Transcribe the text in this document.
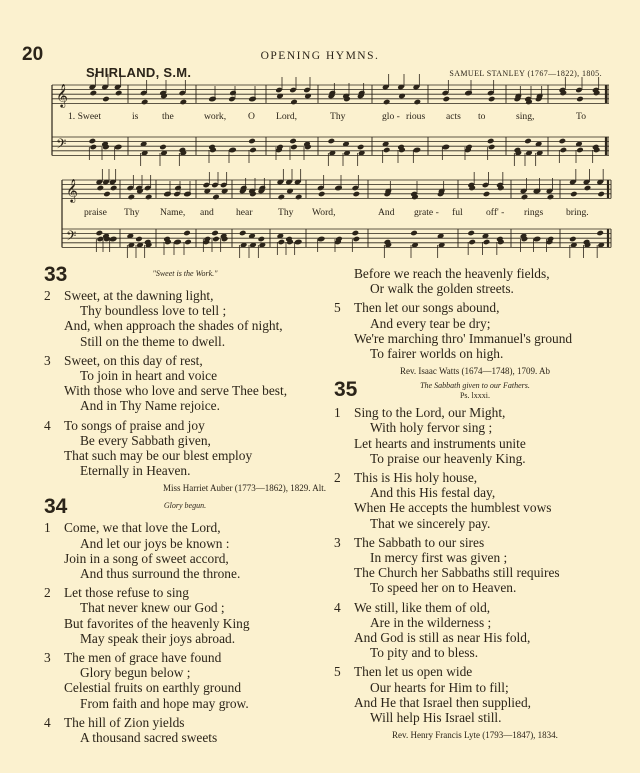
20	OPENING HYMNS.
SHIRLAND, S.M.	SAMUEL STANLEY (1767—1822), 1805.
𝄞
𝄢
𝄞
𝄢
1. Sweet	is the	work, O Lord,	Thy	glo - rious acts to	sing,	To
praise Thy Name, and hear	Thy Word,	And grate - ful off' - rings bring.
33	"Sweet is the Work."
2 Sweet, at the dawning light,
Thy boundless love to tell ;
And, when approach the shades of night,
Still on the theme to dwell.
3 Sweet, on this day of rest,
To join in heart and voice
With those who love and serve Thee best,
And in Thy Name rejoice.
4 To songs of praise and joy
Be every Sabbath given,
That such may be our blest employ
Eternally in Heaven.
Miss Harriet Auber (1773—1862), 1829. Alt.
34	Glory begun.
1 Come, we that love the Lord,
And let our joys be known :
Join in a song of sweet accord,
And thus surround the throne.
2 Let those refuse to sing
That never knew our God ;
But favorites of the heavenly King
May speak their joys abroad.
3 The men of grace have found
Glory begun below ;
Celestial fruits on earthly ground
From faith and hope may grow.
4 The hill of Zion yields
A thousand sacred sweets
Before we reach the heavenly fields,
Or walk the golden streets.
5 Then let our songs abound,
And every tear be dry;
We're marching thro' Immanuel's ground
To fairer worlds on high.
Rev. Isaac Watts (1674—1748), 1709. Ab
35	The Sabbath given to our Fathers.
Ps. lxxxi.
1 Sing to the Lord, our Might,
With holy fervor sing ;
Let hearts and instruments unite
To praise our heavenly King.
2 This is His holy house,
And this His festal day,
When He accepts the humblest vows
That we sincerely pay.
3 The Sabbath to our sires
In mercy first was given ;
The Church her Sabbaths still requires
To speed her on to Heaven.
4 We still, like them of old,
Are in the wilderness ;
And God is still as near His fold,
To pity and to bless.
5 Then let us open wide
Our hearts for Him to fill;
And He that Israel then supplied,
Will help His Israel still.
Rev. Henry Francis Lyte (1793—1847), 1834.
